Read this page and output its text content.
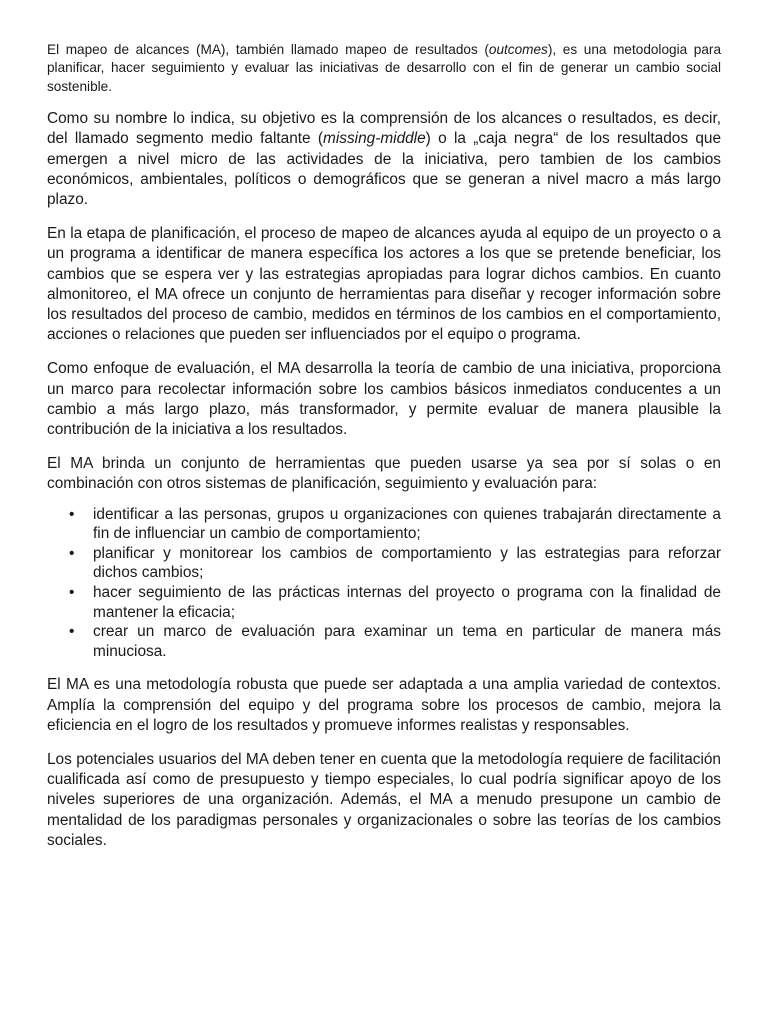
El mapeo de alcances (MA), también llamado mapeo de resultados (outcomes), es una metodologia para planificar, hacer seguimiento y evaluar las iniciativas de desarrollo con el fin de generar un cambio social sostenible.

Como su nombre lo indica, su objetivo es la comprensión de los alcances o resultados, es decir, del llamado segmento medio faltante (missing-middle) o la „caja negra“ de los resultados que emergen a nivel micro de las actividades de la iniciativa, pero tambien de los cambios económicos, ambientales, políticos o demográficos que se generan a nivel macro a más largo plazo.

En la etapa de planificación, el proceso de mapeo de alcances ayuda al equipo de un proyecto o a un programa a identificar de manera específica los actores a los que se pretende beneficiar, los cambios que se espera ver y las estrategias apropiadas para lograr dichos cambios. En cuanto almonitoreo, el MA ofrece un conjunto de herramientas para diseñar y recoger información sobre los resultados del proceso de cambio, medidos en términos de los cambios en el comportamiento, acciones o relaciones que pueden ser influenciados por el equipo o programa.

Como enfoque de evaluación, el MA desarrolla la teoría de cambio de una iniciativa, proporciona un marco para recolectar información sobre los cambios básicos inmediatos conducentes a un cambio a más largo plazo, más transformador, y permite evaluar de manera plausible la contribución de la iniciativa a los resultados.

El MA brinda un conjunto de herramientas que pueden usarse ya sea por sí solas o en combinación con otros sistemas de planificación, seguimiento y evaluación para:

• identificar a las personas, grupos u organizaciones con quienes trabajarán directamente a fin de influenciar un cambio de comportamiento;
• planificar y monitorear los cambios de comportamiento y las estrategias para reforzar dichos cambios;
• hacer seguimiento de las prácticas internas del proyecto o programa con la finalidad de mantener la eficacia;
• crear un marco de evaluación para examinar un tema en particular de manera más minuciosa.

El MA es una metodología robusta que puede ser adaptada a una amplia variedad de contextos. Amplía la comprensión del equipo y del programa sobre los procesos de cambio, mejora la eficiencia en el logro de los resultados y promueve informes realistas y responsables.

Los potenciales usuarios del MA deben tener en cuenta que la metodología requiere de facilitación cualificada así como de presupuesto y tiempo especiales, lo cual podría significar apoyo de los niveles superiores de una organización. Además, el MA a menudo presupone un cambio de mentalidad de los paradigmas personales y organizacionales o sobre las teorías de los cambios sociales.
